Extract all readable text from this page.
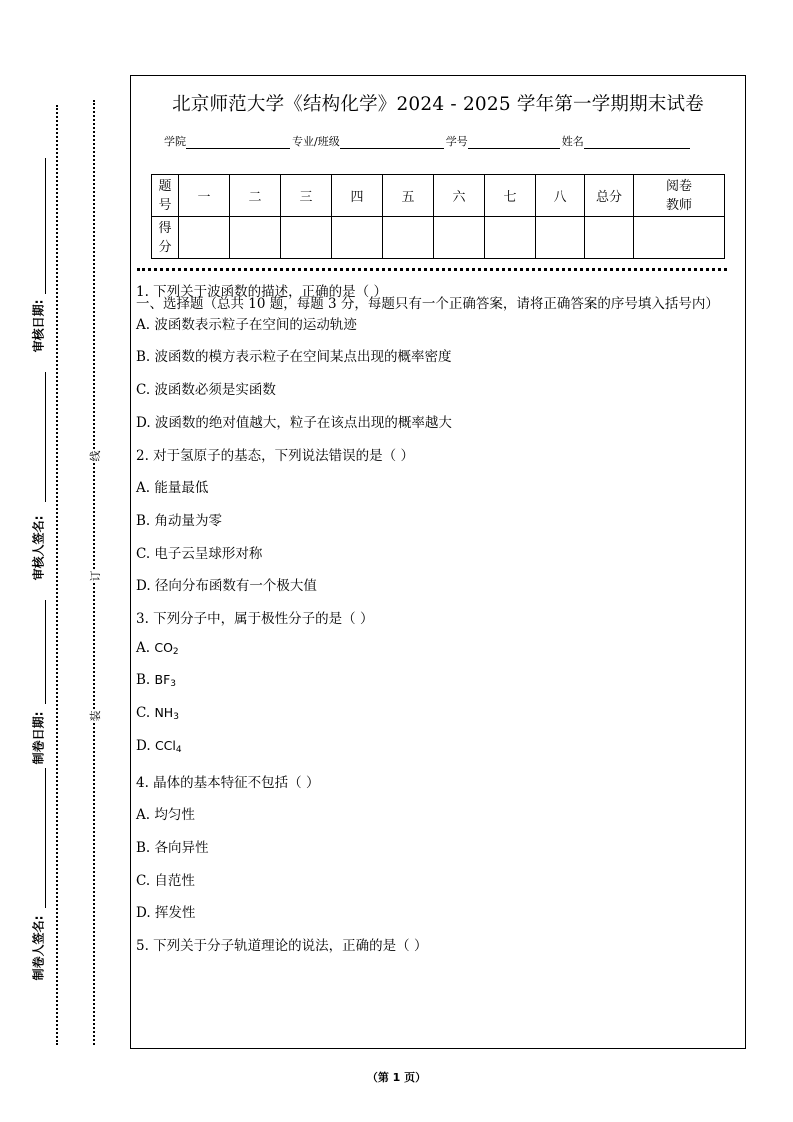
审核日期:
审核人签名:
制卷日期:
制卷人签名:
线
订
装
北京师范大学《结构化学》2024 - 2025 学年第一学期期末试卷
学院	专业/班级	学号	姓名
题
号	一	二	三	四	五	六	七	八	总分	阅卷
教师
得
分										
一、选择题（总共 10 题，每题 3 分，每题只有一个正确答案，请将正确答案的序号填入括号内）
1. 下列关于波函数的描述，正确的是（ ）
A. 波函数表示粒子在空间的运动轨迹
B. 波函数的模方表示粒子在空间某点出现的概率密度
C. 波函数必须是实函数
D. 波函数的绝对值越大，粒子在该点出现的概率越大
2. 对于氢原子的基态，下列说法错误的是（ ）
A. 能量最低
B. 角动量为零
C. 电子云呈球形对称
D. 径向分布函数有一个极大值
3. 下列分子中，属于极性分子的是（ ）
A. $CO_2$
B. $BF_3$
C. $NH_3$
D. CCl$_4$
4. 晶体的基本特征不包括（ ）
A. 均匀性
B. 各向异性
C. 自范性
D. 挥发性
5. 下列关于分子轨道理论的说法，正确的是（ ）
（第 1 页）
